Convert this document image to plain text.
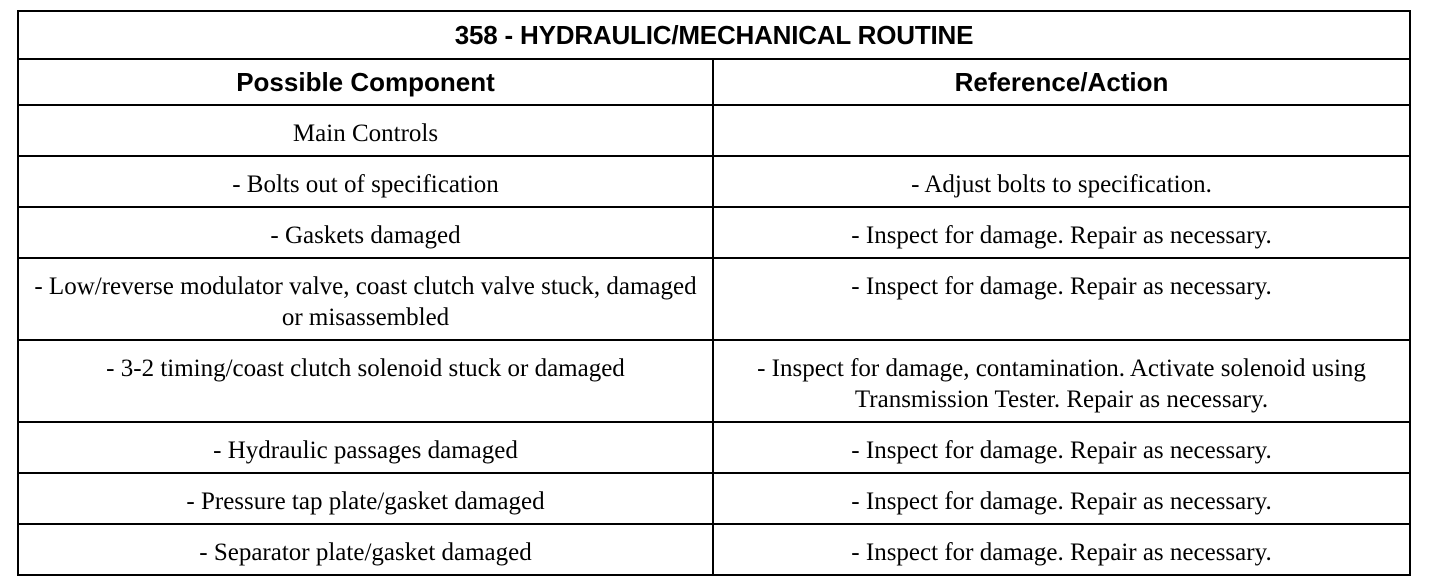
358 - HYDRAULIC/MECHANICAL ROUTINE	
Possible Component	Reference/Action
Main Controls	
- Bolts out of specification	- Adjust bolts to specification.
- Gaskets damaged	- Inspect for damage. Repair as necessary.
- Low/reverse modulator valve, coast clutch valve stuck, damaged or misassembled	- Inspect for damage. Repair as necessary.
- 3-2 timing/coast clutch solenoid stuck or damaged	- Inspect for damage, contamination. Activate solenoid using Transmission Tester. Repair as necessary.
- Hydraulic passages damaged	- Inspect for damage. Repair as necessary.
- Pressure tap plate/gasket damaged	- Inspect for damage. Repair as necessary.
- Separator plate/gasket damaged	- Inspect for damage. Repair as necessary.
